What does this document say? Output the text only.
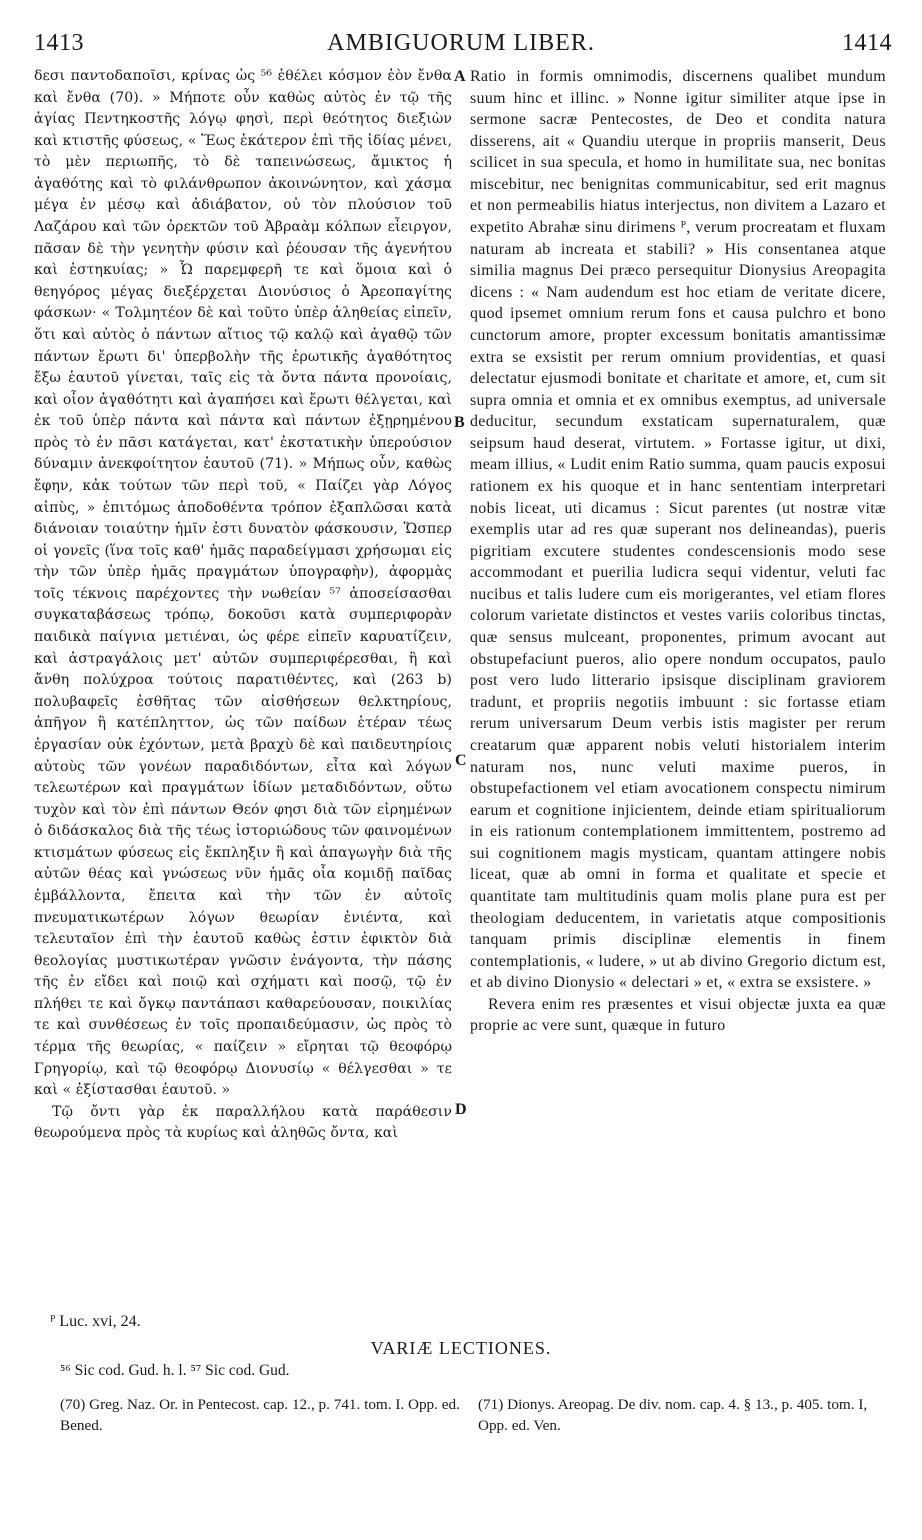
1413	AMBIGUORUM LIBER.	1414

δεσι παντοδαποῖσι, κρίνας ὡς ⁵⁶ ἐθέλει κόσμον ἐὸν ἔνθα καὶ ἔνθα (70). » Μήποτε οὖν καθὼς αὐτὸς ἐν τῷ τῆς ἁγίας Πεντηκοστῆς λόγῳ φησὶ, περὶ θεότητος διεξιὼν καὶ κτιστῆς φύσεως, « Ἕως ἑκάτερον ἐπὶ τῆς ἰδίας μένει, τὸ μὲν περιωπῆς, τὸ δὲ ταπεινώσεως, ἄμικτος ἡ ἀγαθότης καὶ τὸ φιλάνθρωπον ἀκοινώνητον, καὶ χάσμα μέγα ἐν μέσῳ καὶ ἀδιάβατον, οὐ τὸν πλούσιον τοῦ Λαζάρου καὶ τῶν ὀρεκτῶν τοῦ Ἀβραὰμ κόλπων εἶειργον, πᾶσαν δὲ τὴν γενητὴν φύσιν καὶ ῥέουσαν τῆς ἀγενήτου καὶ ἑστηκυίας; » Ὦ παρεμφερῆ τε καὶ ὅμοια καὶ ὁ θεηγόρος μέγας διεξέρχεται Διονύσιος ὁ Ἀρεοπαγίτης φάσκων· « Τολμητέον δὲ καὶ τοῦτο ὑπὲρ ἀληθείας εἰπεῖν, ὅτι καὶ αὐτὸς ὁ πάντων αἴτιος τῷ καλῷ καὶ ἀγαθῷ τῶν πάντων ἔρωτι δι' ὑπερβολὴν τῆς ἐρωτικῆς ἀγαθότητος ἔξω ἑαυτοῦ γίνεται, ταῖς εἰς τὰ ὄντα πάντα προνοίαις, καὶ οἷον ἀγαθότητι καὶ ἀγαπήσει καὶ ἔρωτι θέλγεται, καὶ ἐκ τοῦ ὑπὲρ πάντα καὶ πάντα καὶ πάντων ἐξῃρημένου πρὸς τὸ ἐν πᾶσι κατάγεται, κατ' ἐκστατικὴν ὑπερούσιον δύναμιν ἀνεκφοίτητον ἑαυτοῦ (71). » Μήπως οὖν, καθὼς ἔφην, κἀκ τούτων τῶν περὶ τοῦ, « Παίζει γὰρ Λόγος αἰπὺς, » ἐπιτόμως ἀποδοθέντα τρόπον ἐξαπλῶσαι κατὰ διάνοιαν τοιαύτην ἡμῖν ἐστι δυνατὸν φάσκουσιν, Ὥσπερ οἱ γονεῖς (ἵνα τοῖς καθ' ἡμᾶς παραδείγμασι χρήσωμαι εἰς τὴν τῶν ὑπὲρ ἡμᾶς πραγμάτων ὑπογραφὴν), ἀφορμὰς τοῖς τέκνοις παρέχοντες τὴν νωθείαν ⁵⁷ ἀποσείσασθαι συγκαταβάσεως τρόπῳ, δοκοῦσι κατὰ συμπεριφορὰν παιδικὰ παίγνια μετιέναι, ὡς φέρε εἰπεῖν καρυατίζειν, καὶ ἀστραγάλοις μετ' αὐτῶν συμπεριφέρεσθαι, ἢ καὶ ἄνθη πολύχροα τούτοις παρατιθέντες, καὶ (263 b) πολυβαφεῖς ἐσθῆτας τῶν αἰσθήσεων θελκτηρίους, ἀπῆγον ἢ κατέπληττον, ὡς τῶν παίδων ἑτέραν τέως ἐργασίαν οὐκ ἐχόντων, μετὰ βραχὺ δὲ καὶ παιδευτηρίοις αὐτοὺς τῶν γονέων παραδιδόντων, εἶτα καὶ λόγων τελεωτέρων καὶ πραγμάτων ἰδίων μεταδιδόντων, οὕτω τυχὸν καὶ τὸν ἐπὶ πάντων Θεόν φησι διὰ τῶν εἰρημένων ὁ διδάσκαλος διὰ τῆς τέως ἱστοριώδους τῶν φαινομένων κτισμάτων φύσεως εἰς ἔκπληξιν ἢ καὶ ἀπαγωγὴν διὰ τῆς αὐτῶν θέας καὶ γνώσεως νῦν ἡμᾶς οἷα κομιδῇ παῖδας ἐμβάλλοντα, ἔπειτα καὶ τὴν τῶν ἐν αὐτοῖς πνευματικωτέρων λόγων θεωρίαν ἐνιέντα, καὶ τελευταῖον ἐπὶ τὴν ἑαυτοῦ καθὼς ἐστιν ἐφικτὸν διὰ θεολογίας μυστικωτέραν γνῶσιν ἐνάγοντα, τὴν πάσης τῆς ἐν εἴδει καὶ ποιῷ καὶ σχήματι καὶ ποσῷ, τῷ ἐν πλήθει τε καὶ ὄγκῳ παντάπασι καθαρεύουσαν, ποικιλίας τε καὶ συνθέσεως ἐν τοῖς προπαιδεύμασιν, ὡς πρὸς τὸ τέρμα τῆς θεωρίας, « παίζειν » εἴρηται τῷ θεοφόρῳ Γρηγορίῳ, καὶ τῷ θεοφόρῳ Διονυσίῳ « θέλγεσθαι » τε καὶ « ἐξίστασθαι ἑαυτοῦ. »

Τῷ ὄντι γὰρ ἐκ παραλλήλου κατὰ παράθεσιν θεωρούμενα πρὸς τὰ κυρίως καὶ ἀληθῶς ὄντα, καὶ

Ratio in formis omnimodis, discernens qualibet mundum suum hinc et illinc. » Nonne igitur similiter atque ipse in sermone sacræ Pentecostes, de Deo et condita natura disserens, ait « Quandiu uterque in propriis manserit, Deus scilicet in sua specula, et homo in humilitate sua, nec bonitas miscebitur, nec benignitas communicabitur, sed erit magnus et non permeabilis hiatus interjectus, non divitem a Lazaro et expetito Abrahæ sinu dirimens ᴾ, verum procreatam et fluxam naturam ab increata et stabili? » His consentanea atque similia magnus Dei præco persequitur Dionysius Areopagita dicens : « Nam audendum est hoc etiam de veritate dicere, quod ipsemet omnium rerum fons et causa pulchro et bono cunctorum amore, propter excessum bonitatis amantissimæ extra se exsistit per rerum omnium providentias, et quasi delectatur ejusmodi bonitate et charitate et amore, et, cum sit supra omnia et omnia et ex omnibus exemptus, ad universale deducitur, secundum exstaticam supernaturalem, quæ seipsum haud deserat, virtutem. » Fortasse igitur, ut dixi, meam illius, « Ludit enim Ratio summa, quam paucis exposui rationem ex his quoque et in hanc sententiam interpretari nobis liceat, uti dicamus : Sicut parentes (ut nostræ vitæ exemplis utar ad res quæ superant nos delineandas), pueris pigritiam excutere studentes condescensionis modo sese accommodant et puerilia ludicra sequi videntur, veluti fac nucibus et talis ludere cum eis morigerantes, vel etiam flores colorum varietate distinctos et vestes variis coloribus tinctas, quæ sensus mulceant, proponentes, primum avocant aut obstupefaciunt pueros, alio opere nondum occupatos, paulo post vero ludo litterario ipsisque disciplinam graviorem tradunt, et propriis negotiis imbuunt : sic fortasse etiam rerum universarum Deum verbis istis magister per rerum creatarum quæ apparent nobis veluti historialem interim naturam nos, nunc veluti maxime pueros, in obstupefactionem vel etiam avocationem conspectu nimirum earum et cognitione injicientem, deinde etiam spiritualiorum in eis rationum contemplationem immittentem, postremo ad sui cognitionem magis mysticam, quantam attingere nobis liceat, quæ ab omni in forma et qualitate et specie et quantitate tam multitudinis quam molis plane pura est per theologiam deducentem, in varietatis atque compositionis tanquam primis disciplinæ elementis in finem contemplationis, « ludere, » ut ab divino Gregorio dictum est, et ab divino Dionysio « delectari » et, « extra se exsistere. »

Revera enim res præsentes et visui objectæ juxta ea quæ proprie ac vere sunt, quæque in futuro

A
B
C
D
ᴾ Luc. xvi, 24.
VARIÆ LECTIONES.
⁵⁶ Sic cod. Gud. h. l. ⁵⁷ Sic cod. Gud.
(70) Greg. Naz. Or. in Pentecost. cap. 12., p. 741. tom. I. Opp. ed. Bened.
(71) Dionys. Areopag. De div. nom. cap. 4. § 13., p. 405. tom. I, Opp. ed. Ven.
